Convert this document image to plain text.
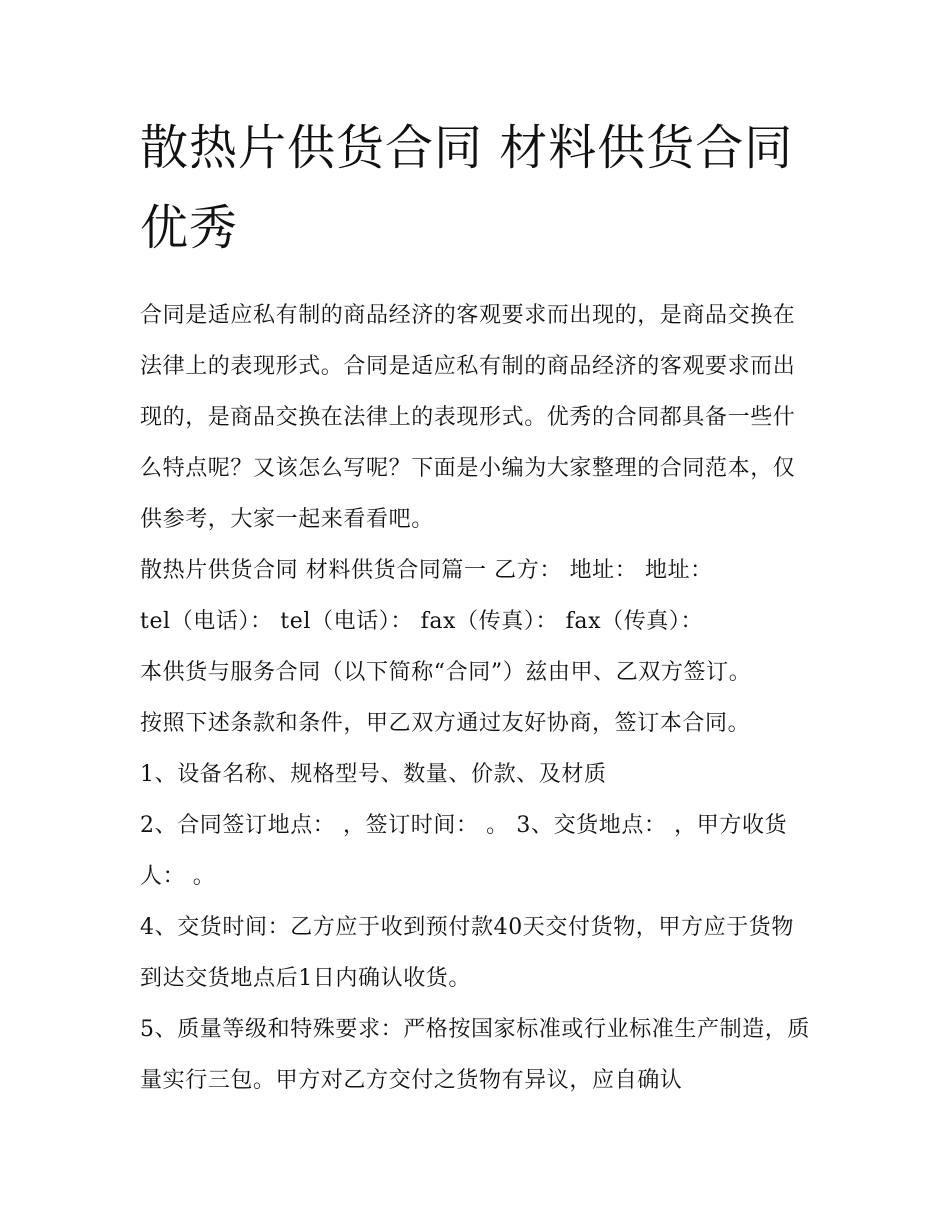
散热片供货合同 材料供货合同优秀

合同是适应私有制的商品经济的客观要求而出现的，是商品交换在法律上的表现形式。合同是适应私有制的商品经济的客观要求而出现的，是商品交换在法律上的表现形式。优秀的合同都具备一些什么特点呢？又该怎么写呢？下面是小编为大家整理的合同范本，仅供参考，大家一起来看看吧。

散热片供货合同 材料供货合同篇一 乙方： 地址： 地址：

tel（电话）： tel（电话）： fax（传真）： fax（传真）：

本供货与服务合同（以下简称“合同”）兹由甲、乙双方签订。

按照下述条款和条件，甲乙双方通过友好协商，签订本合同。

1、设备名称、规格型号、数量、价款、及材质

2、合同签订地点： ，签订时间： 。 3、交货地点： ，甲方收货人： 。

4、交货时间：乙方应于收到预付款40天交付货物，甲方应于货物到达交货地点后1日内确认收货。

5、质量等级和特殊要求：严格按国家标准或行业标准生产制造，质量实行三包。甲方对乙方交付之货物有异议，应自确认
